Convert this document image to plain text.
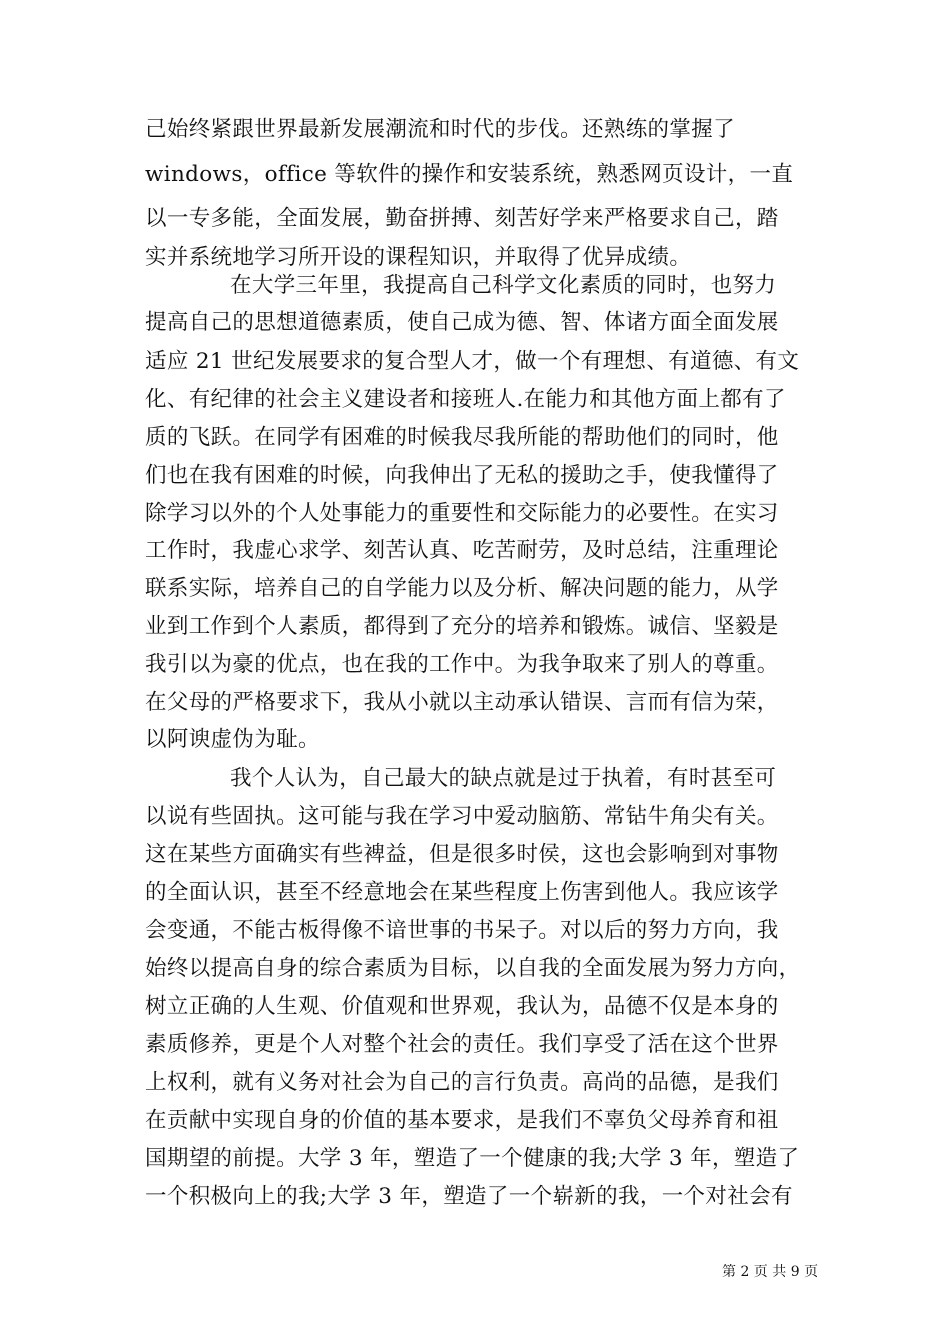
己始终紧跟世界最新发展潮流和时代的步伐。还熟练的掌握了
windows，office 等软件的操作和安装系统，熟悉网页设计，一直
以一专多能，全面发展，勤奋拼搏、刻苦好学来严格要求自己，踏
实并系统地学习所开设的课程知识，并取得了优异成绩。
在大学三年里，我提高自己科学文化素质的同时，也努力
提高自己的思想道德素质，使自己成为德、智、体诸方面全面发展
适应 21 世纪发展要求的复合型人才，做一个有理想、有道德、有文
化、有纪律的社会主义建设者和接班人.在能力和其他方面上都有了
质的飞跃。在同学有困难的时候我尽我所能的帮助他们的同时，他
们也在我有困难的时候，向我伸出了无私的援助之手，使我懂得了
除学习以外的个人处事能力的重要性和交际能力的必要性。在实习
工作时，我虚心求学、刻苦认真、吃苦耐劳，及时总结，注重理论
联系实际，培养自己的自学能力以及分析、解决问题的能力，从学
业到工作到个人素质，都得到了充分的培养和锻炼。诚信、坚毅是
我引以为豪的优点，也在我的工作中。为我争取来了别人的尊重。
在父母的严格要求下，我从小就以主动承认错误、言而有信为荣，
以阿谀虚伪为耻。
我个人认为，自己最大的缺点就是过于执着，有时甚至可
以说有些固执。这可能与我在学习中爱动脑筋、常钻牛角尖有关。
这在某些方面确实有些裨益，但是很多时侯，这也会影响到对事物
的全面认识，甚至不经意地会在某些程度上伤害到他人。我应该学
会变通，不能古板得像不谙世事的书呆子。对以后的努力方向，我
始终以提高自身的综合素质为目标，以自我的全面发展为努力方向，
树立正确的人生观、价值观和世界观，我认为，品德不仅是本身的
素质修养，更是个人对整个社会的责任。我们享受了活在这个世界
上权利，就有义务对社会为自己的言行负责。高尚的品德，是我们
在贡献中实现自身的价值的基本要求，是我们不辜负父母养育和祖
国期望的前提。大学 3 年，塑造了一个健康的我;大学 3 年，塑造了
一个积极向上的我;大学 3 年，塑造了一个崭新的我，一个对社会有
第 2 页 共 9 页
